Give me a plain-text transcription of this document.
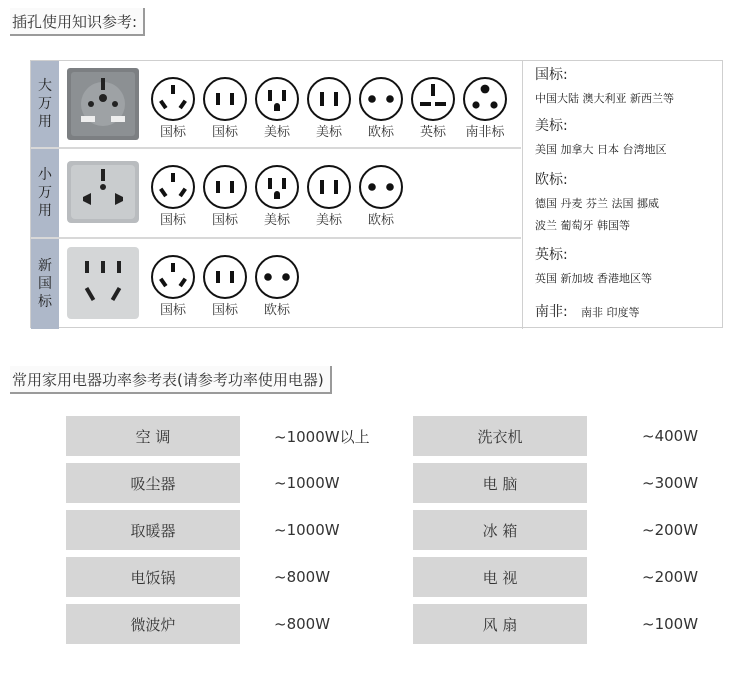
插孔使用知识参考:
大
万
用
国标	国标	美标	美标	欧标	英标	南非标
小
万
用
国标	国标	美标	美标	欧标
新
国
标
国标	国标	欧标
国标:
中国大陆 澳大利亚 新西兰等
美标:
美国 加拿大 日本 台湾地区
欧标:
德国 丹麦 芬兰 法国 挪威
波兰 葡萄牙 韩国等
英标:
英国 新加坡 香港地区等
南非: 南非 印度等
常用家用电器功率参考表(请参考功率使用电器)
空 调	~1000W以上	洗衣机	~400W
吸尘器	~1000W	电 脑	~300W
取暖器	~1000W	冰 箱	~200W
电饭锅	~800W	电 视	~200W
微波炉	~800W	风 扇	~100W
